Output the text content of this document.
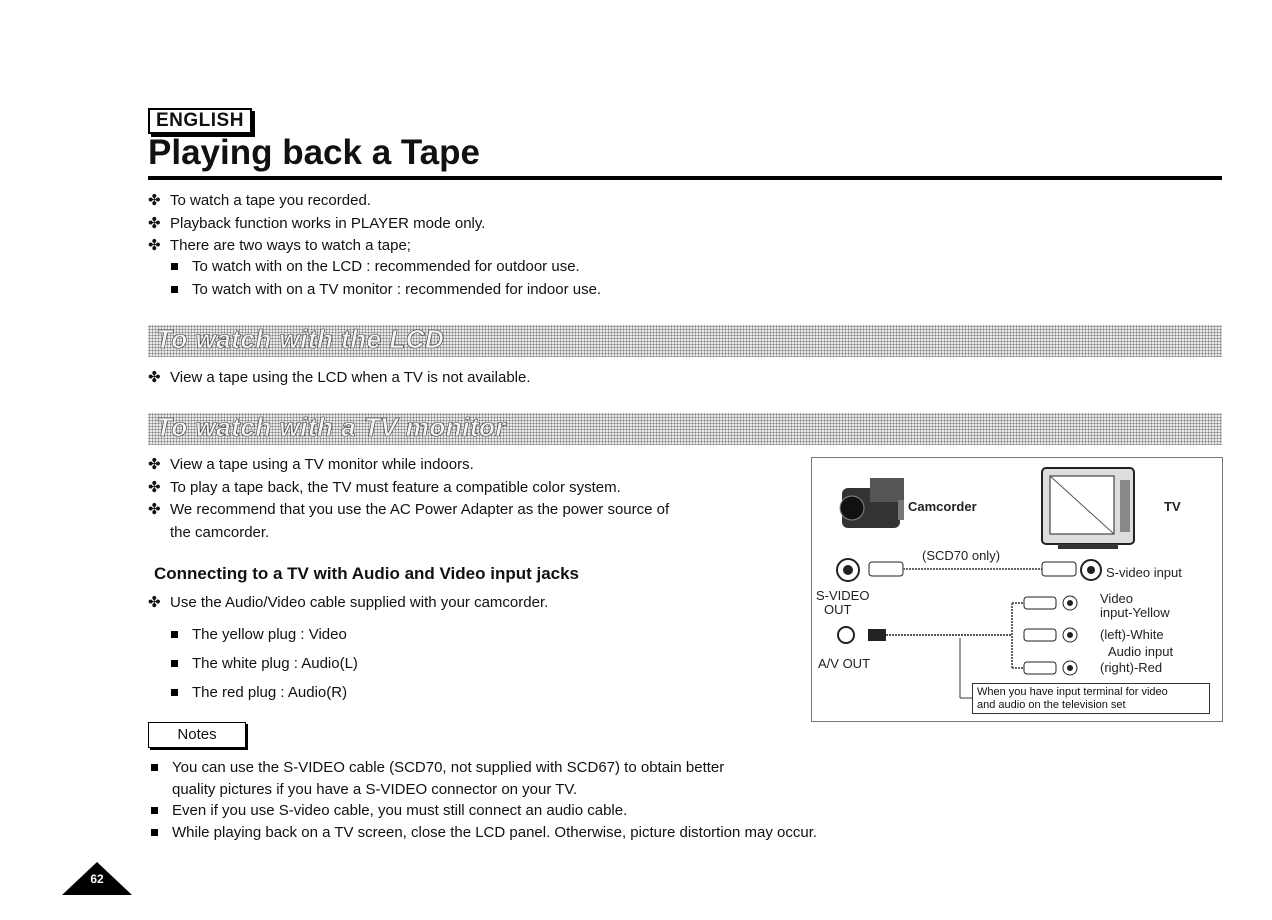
ENGLISH
Playing back a Tape
✤ To watch a tape you recorded.
✤ Playback function works in PLAYER mode only.
✤ There are two ways to watch a tape;
To watch with on the LCD : recommended for outdoor use.
To watch with on a TV monitor : recommended for indoor use.
To watch with the LCD
✤ View a tape using the LCD when a TV is not available.
To watch with a TV monitor
✤ View a tape using a TV monitor while indoors.
✤ To play a tape back, the TV must feature a compatible color system.
✤ We recommend that you use the AC Power Adapter as the power source of
the camcorder.
Connecting to a TV with Audio and Video input jacks
✤ Use the Audio/Video cable supplied with your camcorder.
The yellow plug : Video
The white plug : Audio(L)
The red plug : Audio(R)
Camcorder	TV
(SCD70 only)
S-video input
S-VIDEO
OUT
A/V OUT
Video
input-Yellow
(left)-White
Audio input
(right)-Red
When you have input terminal for video
and audio on the television set
Notes
You can use the S-VIDEO cable (SCD70, not supplied with SCD67) to obtain better
quality pictures if you have a S-VIDEO connector on your TV.
Even if you use S-video cable, you must still connect an audio cable.
While playing back on a TV screen, close the LCD panel. Otherwise, picture distortion may occur.
62
